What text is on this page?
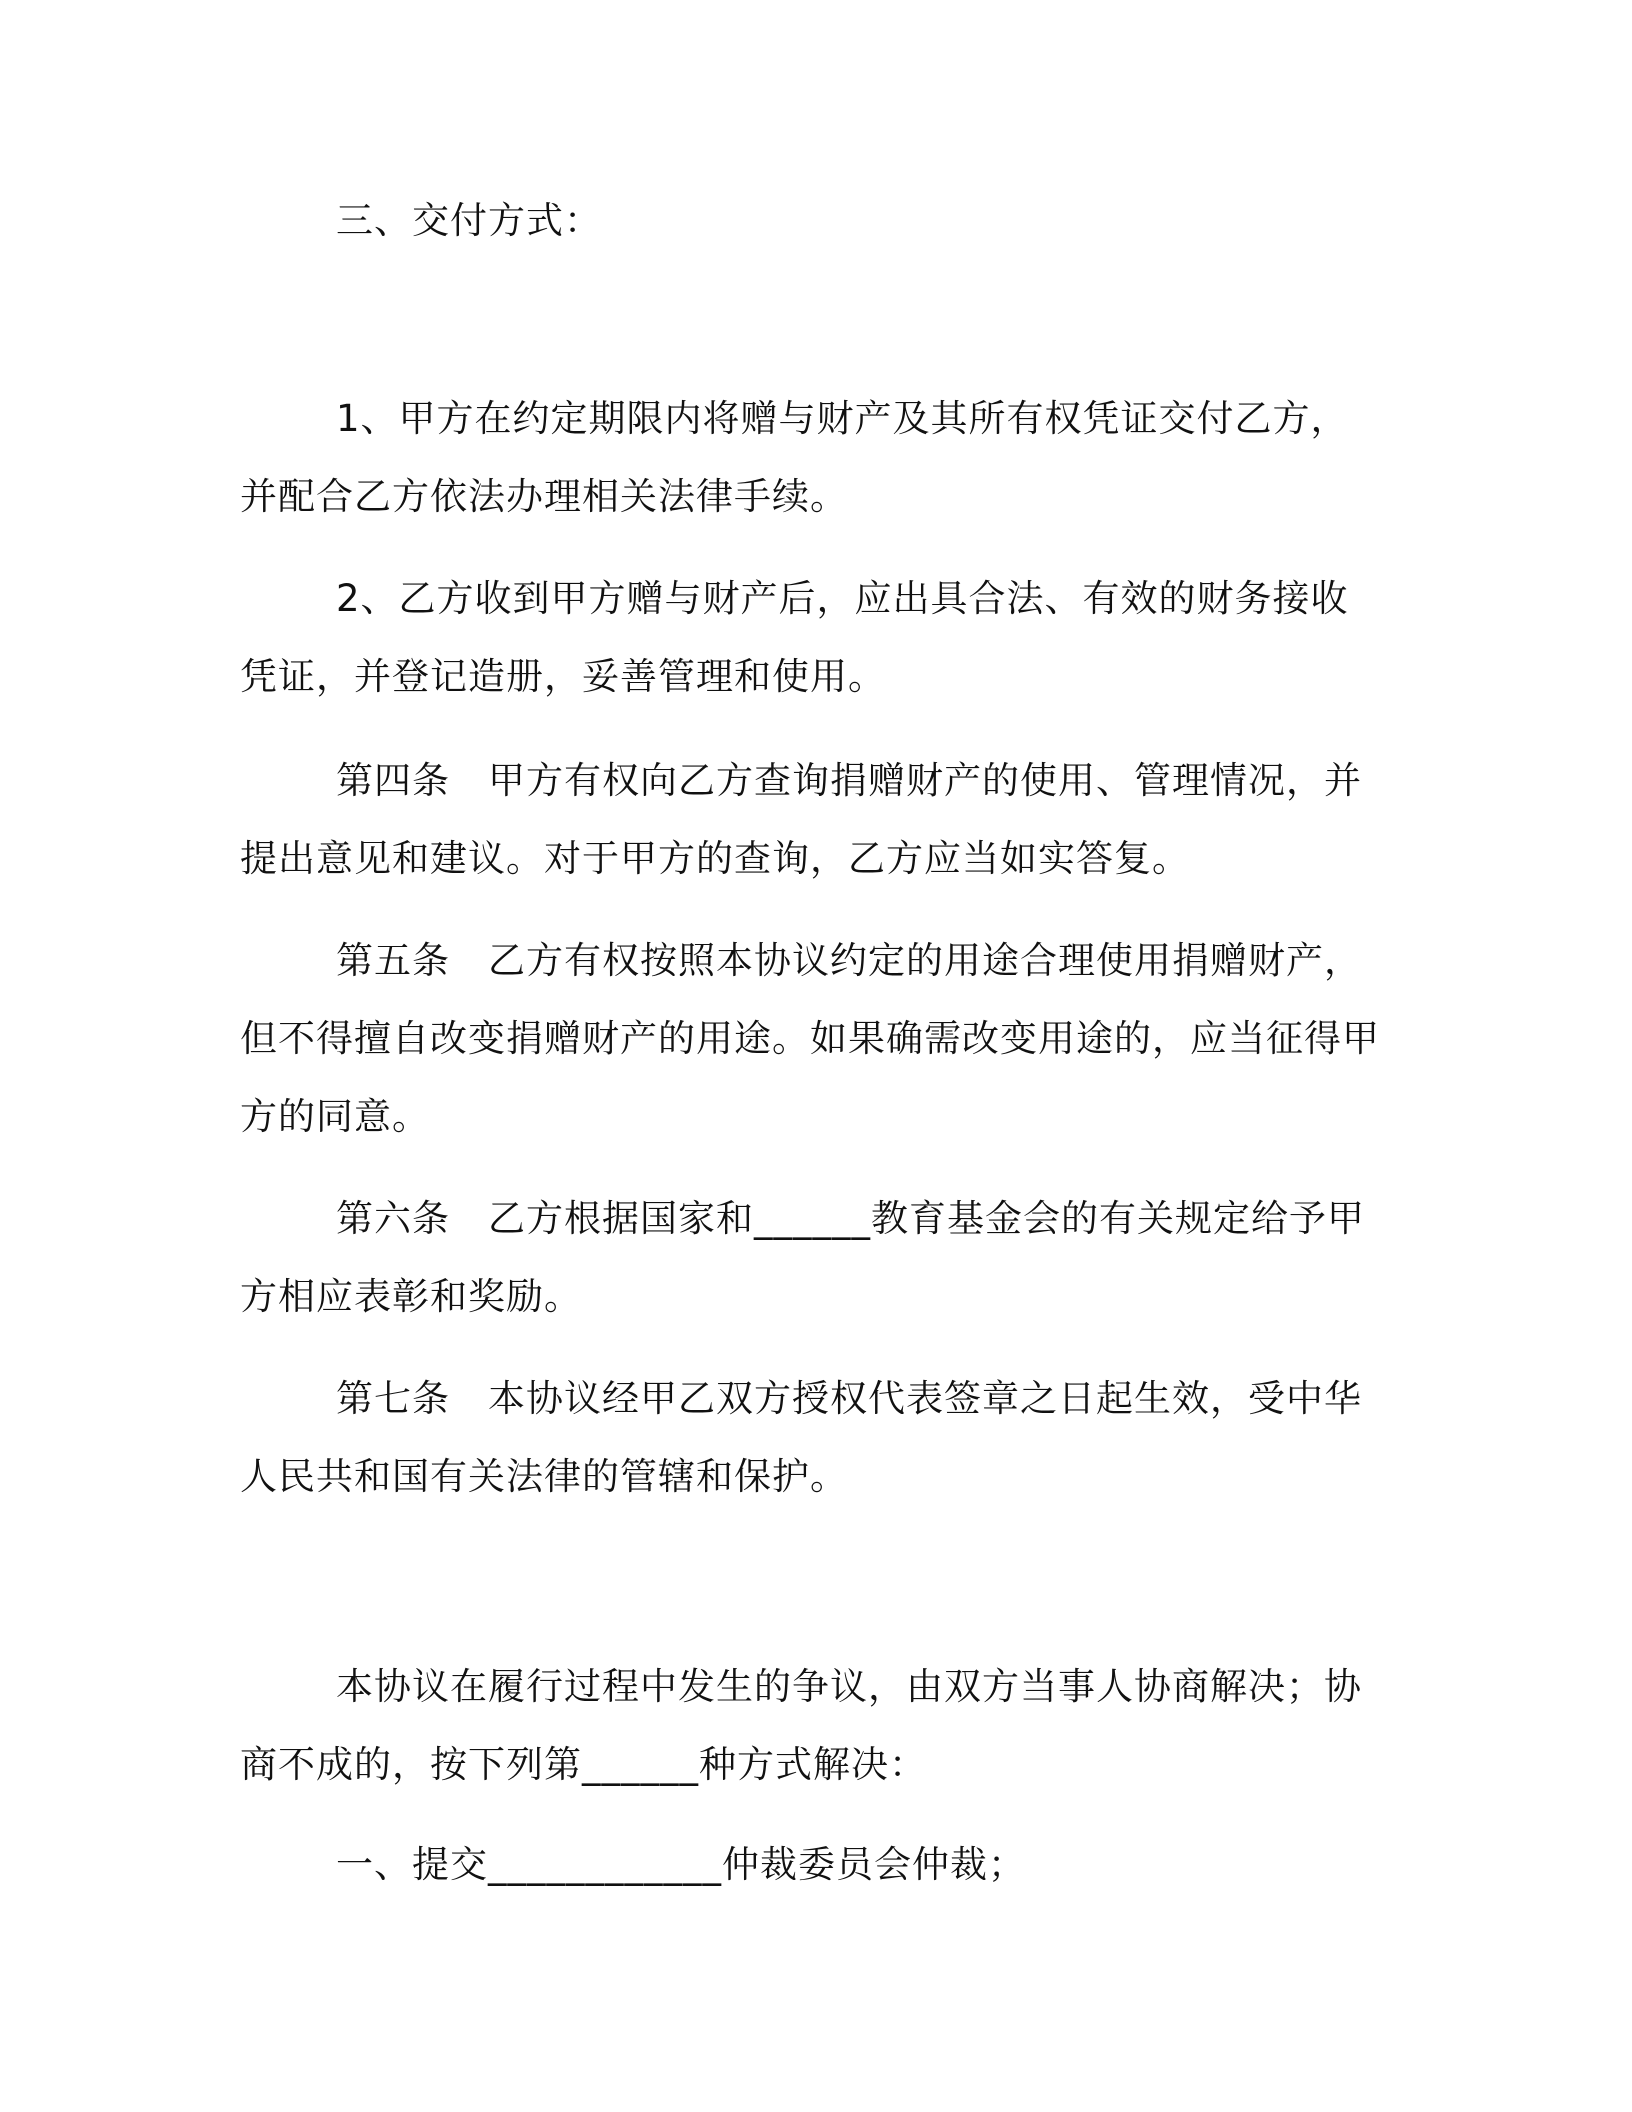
三、交付方式：

1、甲方在约定期限内将赠与财产及其所有权凭证交付乙方，并配合乙方依法办理相关法律手续。

2、乙方收到甲方赠与财产后，应出具合法、有效的财务接收凭证，并登记造册，妥善管理和使用。

第四条　甲方有权向乙方查询捐赠财产的使用、管理情况，并提出意见和建议。对于甲方的查询，乙方应当如实答复。

第五条　乙方有权按照本协议约定的用途合理使用捐赠财产，但不得擅自改变捐赠财产的用途。如果确需改变用途的，应当征得甲方的同意。

第六条　乙方根据国家和______教育基金会的有关规定给予甲方相应表彰和奖励。

第七条　本协议经甲乙双方授权代表签章之日起生效，受中华人民共和国有关法律的管辖和保护。

本协议在履行过程中发生的争议，由双方当事人协商解决；协商不成的，按下列第______种方式解决：

一、提交____________仲裁委员会仲裁；
